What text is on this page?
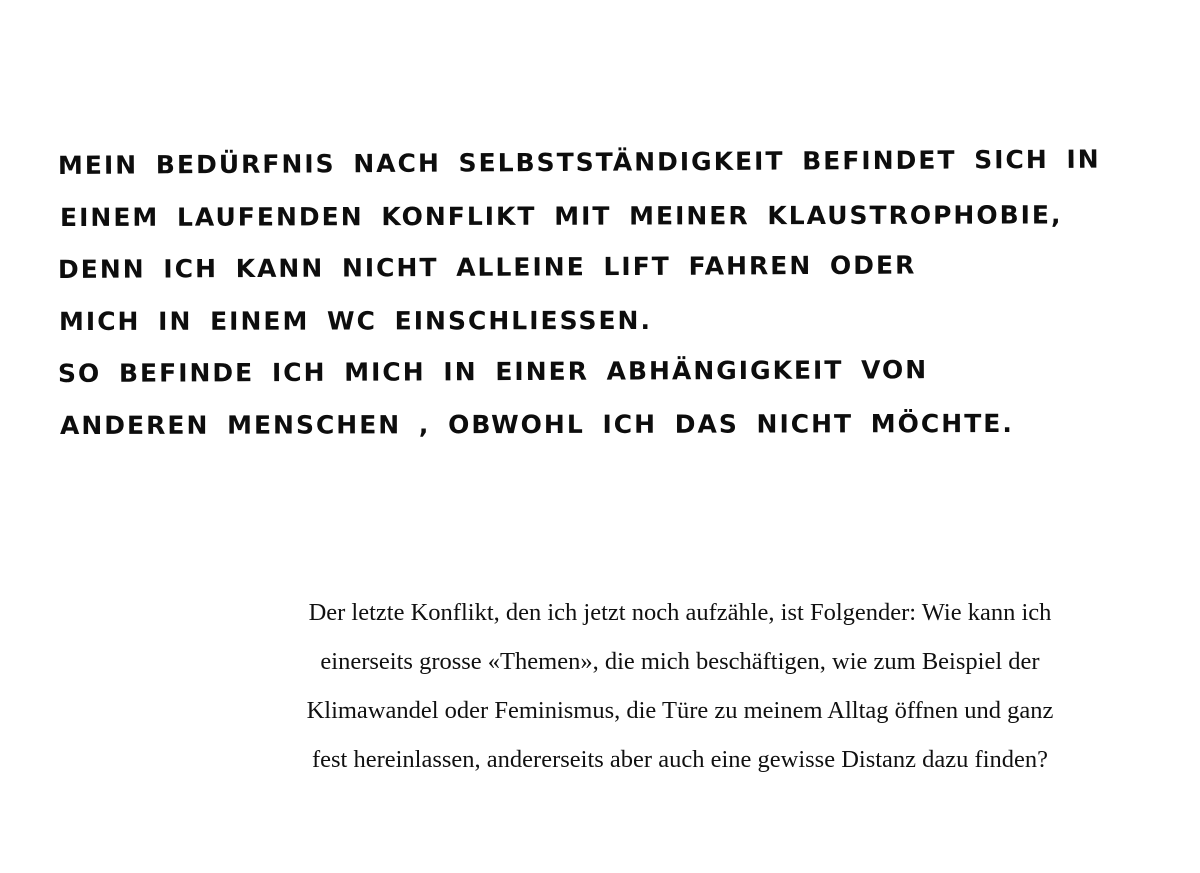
MEIN BEDÜRFNIS NACH SELBSTSTÄNDIGKEIT BEFINDET SICH IN
EINEM LAUFENDEN KONFLIKT MIT MEINER KLAUSTROPHOBIE,
DENN ICH KANN NICHT ALLEINE LIFT FAHREN ODER
MICH IN EINEM WC EINSCHLIESSEN.
SO BEFINDE ICH MICH IN EINER ABHÄNGIGKEIT VON
ANDEREN MENSCHEN , OBWOHL ICH DAS NICHT MÖCHTE.
Der letzte Konflikt, den ich jetzt noch aufzähle, ist Folgender: Wie kann ich
einerseits grosse «Themen», die mich beschäftigen, wie zum Beispiel der
Klimawandel oder Feminismus, die Türe zu meinem Alltag öffnen und ganz
fest hereinlassen, andererseits aber auch eine gewisse Distanz dazu finden?
